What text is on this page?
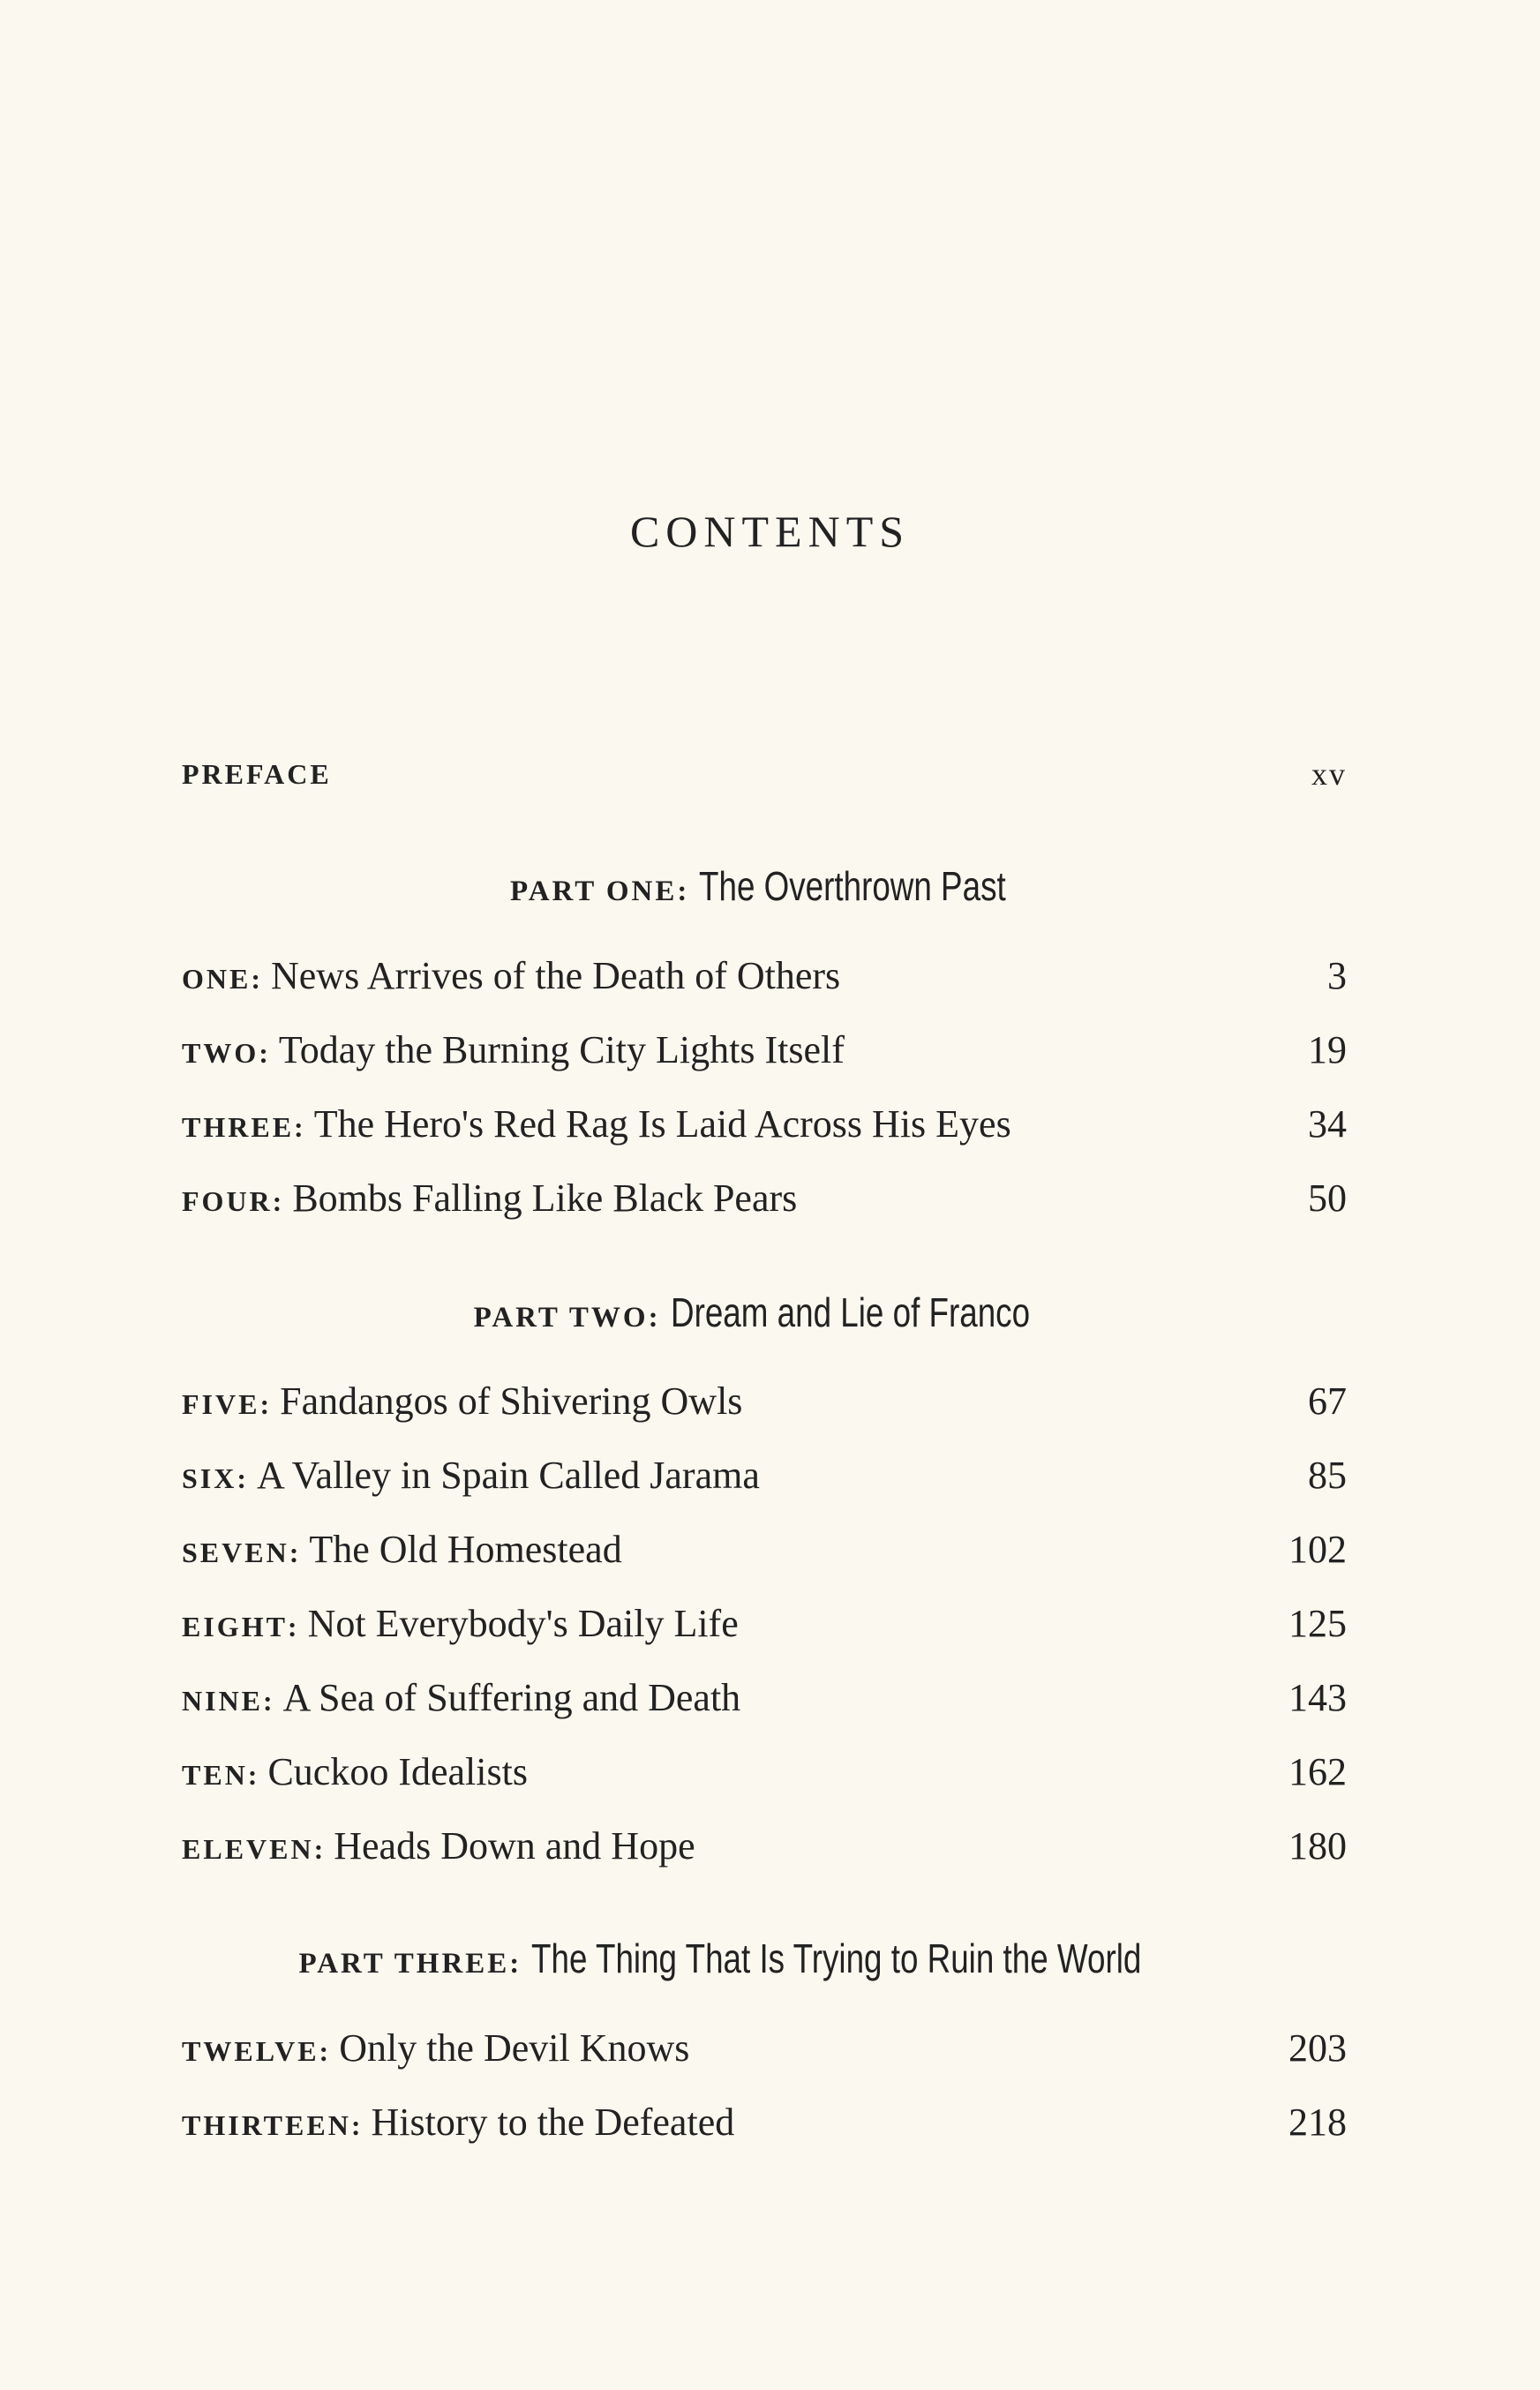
CONTENTS
PREFACE	xv
PART ONE: The Overthrown Past
ONE: News Arrives of the Death of Others	3
TWO: Today the Burning City Lights Itself	19
THREE: The Hero's Red Rag Is Laid Across His Eyes	34
FOUR: Bombs Falling Like Black Pears	50
PART TWO: Dream and Lie of Franco
FIVE: Fandangos of Shivering Owls	67
SIX: A Valley in Spain Called Jarama	85
SEVEN: The Old Homestead	102
EIGHT: Not Everybody's Daily Life	125
NINE: A Sea of Suffering and Death	143
TEN: Cuckoo Idealists	162
ELEVEN: Heads Down and Hope	180
PART THREE: The Thing That Is Trying to Ruin the World
TWELVE: Only the Devil Knows	203
THIRTEEN: History to the Defeated	218
